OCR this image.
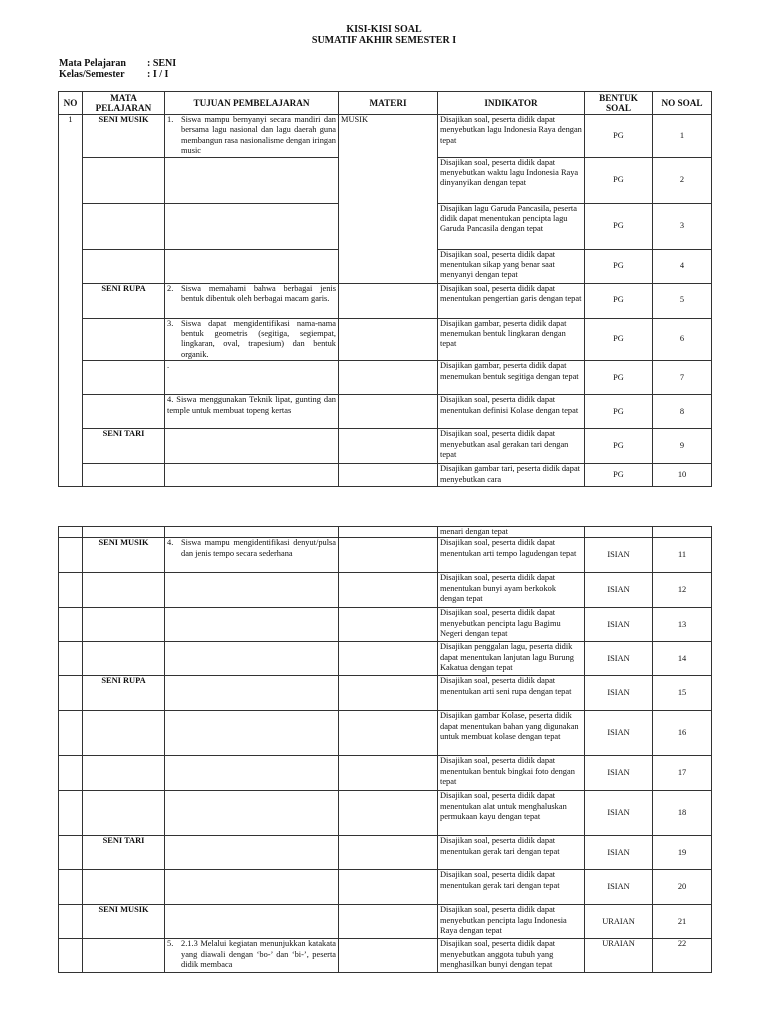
KISI-KISI SOAL
SUMATIF AKHIR SEMESTER I
Mata Pelajaran : SENI
Kelas/Semester : I / I
NO	MATA PELAJARAN	TUJUAN PEMBELAJARAN	MATERI	INDIKATOR	BENTUK SOAL	NO SOAL
1	SENI MUSIK	1. Siswa mampu bernyanyi secara mandiri dan bersama lagu nasional dan lagu daerah guna membangun rasa nasionalisme dengan iringan music	MUSIK	Disajikan soal, peserta didik dapat menyebutkan lagu Indonesia Raya dengan tepat	PG	1
				Disajikan soal, peserta didik dapat menyebutkan waktu lagu Indonesia Raya dinyanyikan dengan tepat	PG	2
				Disajikan lagu Garuda Pancasila, peserta didik dapat menentukan pencipta lagu Garuda Pancasila dengan tepat	PG	3
				Disajikan soal, peserta didik dapat menentukan sikap yang benar saat menyanyi dengan tepat	PG	4
	SENI RUPA	2. Siswa memahami bahwa berbagai jenis bentuk dibentuk oleh berbagai macam garis.		Disajikan soal, peserta didik dapat menentukan pengertian garis dengan tepat	PG	5

		3. Siswa dapat mengidentifikasi nama-nama bentuk geometris (segitiga, segiempat, lingkaran, oval, trapesium) dan bentuk organik.		Disajikan gambar, peserta didik dapat menemukan bentuk lingkaran dengan tepat	PG	6

		.		Disajikan gambar, peserta didik dapat menemukan bentuk segitiga dengan tepat	PG	7

		4. Siswa menggunakan Teknik lipat, gunting dan temple untuk membuat topeng kertas		Disajikan soal, peserta didik dapat menentukan definisi Kolase dengan tepat	PG	8
	SENI TARI			Disajikan soal, peserta didik dapat menyebutkan asal gerakan tari dengan tepat	PG	9
				Disajikan gambar tari, peserta didik dapat menyebutkan cara	PG	10
				menari dengan tepat		
	SENI MUSIK	4. Siswa mampu mengidentifikasi denyut/pulsa dan jenis tempo secara sederhana		Disajikan soal, peserta didik dapat menentukan arti tempo lagudengan tepat	ISIAN	11
				Disajikan soal, peserta didik dapat menentukan bunyi ayam berkokok dengan tepat	ISIAN	12
				Disajikan soal, peserta didik dapat menyebutkan pencipta lagu Bagimu Negeri dengan tepat	ISIAN	13
				Disajikan penggalan lagu, peserta didik dapat menentukan lanjutan lagu Burung Kakatua dengan tepat	ISIAN	14
	SENI RUPA			Disajikan soal, peserta didik dapat menentukan arti seni rupa dengan tepat	ISIAN	15
				Disajikan gambar Kolase, peserta didik dapat menentukan bahan yang digunakan untuk membuat kolase dengan tepat	ISIAN	16
				Disajikan soal, peserta didik dapat menentukan bentuk bingkai foto dengan tepat	ISIAN	17
				Disajikan soal, peserta didik dapat menentukan alat untuk menghaluskan permukaan kayu dengan tepat	ISIAN	18
	SENI TARI			Disajikan soal, peserta didik dapat menentukan gerak tari dengan tepat	ISIAN	19
				Disajikan soal, peserta didik dapat menentukan gerak tari dengan tepat	ISIAN	20
	SENI MUSIK			Disajikan soal, peserta didik dapat menyebutkan pencipta lagu Indonesia Raya dengan tepat	URAIAN	21

		5. 2.1.3 Melalui kegiatan menunjukkan katakata yang diawali dengan ‘bo-’ dan ‘bi-’, peserta didik membaca		Disajikan soal, peserta didik dapat menyebutkan anggota tubuh yang menghasilkan bunyi dengan tepat	URAIAN	22
